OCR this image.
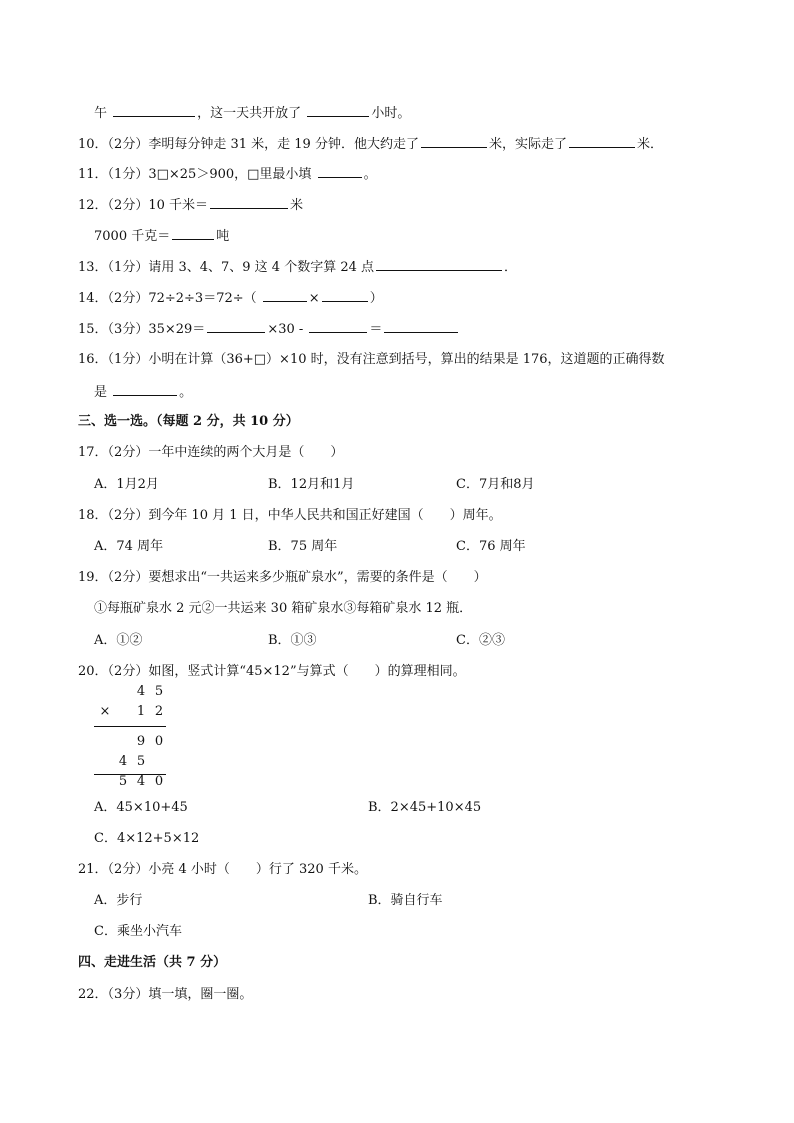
午	，这一天共开放了	小时。
10．（2分）李明每分钟走 31 米，走 19 分钟．他大约走了	米，实际走了	米．
11．（1分）3□×25＞900，□里最小填	。
12．（2分）10 千米＝	米
7000 千克＝	吨
13．（1分）请用 3、4、7、9 这 4 个数字算 24 点	．
14．（2分）72÷2÷3＝72÷（	×	）
15．（3分）35×29＝	×30 -	＝
16．（1分）小明在计算（36+□）×10 时，没有注意到括号，算出的结果是 176，这道题的正确得数
是	。
三、选一选。（每题 2 分，共 10 分）
17．（2分）一年中连续的两个大月是（　　）
A．1月2月	B．12月和1月	C．7月和8月
18．（2分）到今年 10 月 1 日，中华人民共和国正好建国（　　）周年。
A．74 周年	B．75 周年	C．76 周年
19．（2分）要想求出“一共运来多少瓶矿泉水”，需要的条件是（　　）
①每瓶矿泉水 2 元②一共运来 30 箱矿泉水③每箱矿泉水 12 瓶．
A．①②	B．①③	C．②③
20．（2分）如图，竖式计算“45×12”与算式（　　）的算理相同。
4 5
× 1 2
9 0
4 5
5 4 0
A．45×10+45	B．2×45+10×45
C．4×12+5×12
21．（2分）小亮 4 小时（　　）行了 320 千米。
A．步行	B．骑自行车
C．乘坐小汽车
四、走进生活（共 7 分）
22．（3分）填一填，圈一圈。
